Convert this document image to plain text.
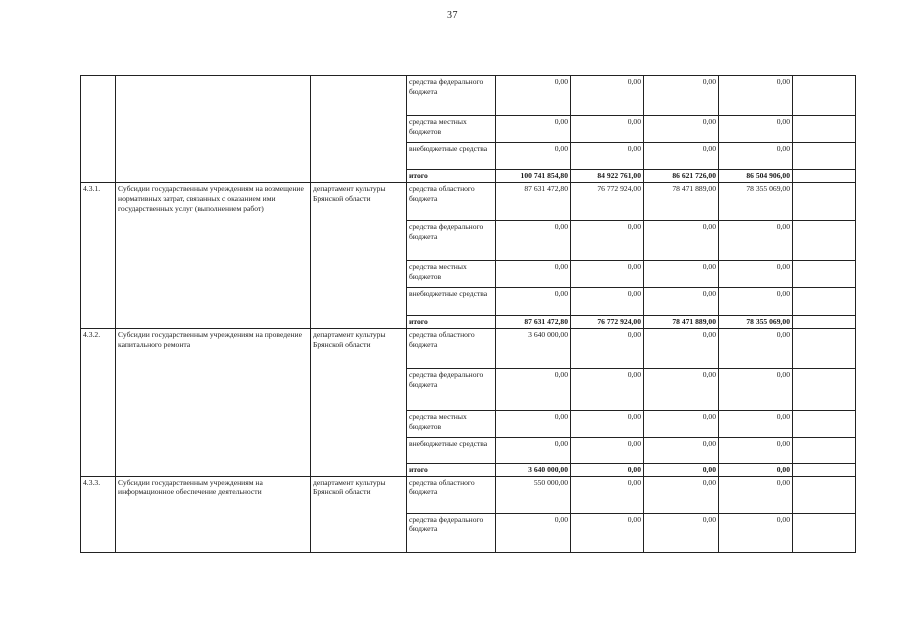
37
			средства федерального бюджета	0,00	0,00	0,00	0,00	
			средства местных бюджетов	0,00	0,00	0,00	0,00	
			внебюджетные средства	0,00	0,00	0,00	0,00	
			итого	100 741 854,80	84 922 761,00	86 621 726,00	86 504 906,00	
4.3.1.	Субсидии государственным учреждениям на возмещение нормативных затрат, связанных с оказанием ими государственных услуг (выполнением работ)	департамент культуры Брянской области	средства областного бюджета	87 631 472,80	76 772 924,00	78 471 889,00	78 355 069,00	
			средства федерального бюджета	0,00	0,00	0,00	0,00	
			средства местных бюджетов	0,00	0,00	0,00	0,00	
			внебюджетные средства	0,00	0,00	0,00	0,00	
			итого	87 631 472,80	76 772 924,00	78 471 889,00	78 355 069,00	
4.3.2.	Субсидии государственным учреждениям на проведение капитального ремонта	департамент культуры Брянской области	средства областного бюджета	3 640 000,00	0,00	0,00	0,00	
			средства федерального бюджета	0,00	0,00	0,00	0,00	
			средства местных бюджетов	0,00	0,00	0,00	0,00	
			внебюджетные средства	0,00	0,00	0,00	0,00	
			итого	3 640 000,00	0,00	0,00	0,00	
4.3.3.	Субсидии государственным учреждениям на информационное обеспечение деятельности	департамент культуры Брянской области	средства областного бюджета	550 000,00	0,00	0,00	0,00	
			средства федерального бюджета	0,00	0,00	0,00	0,00	
